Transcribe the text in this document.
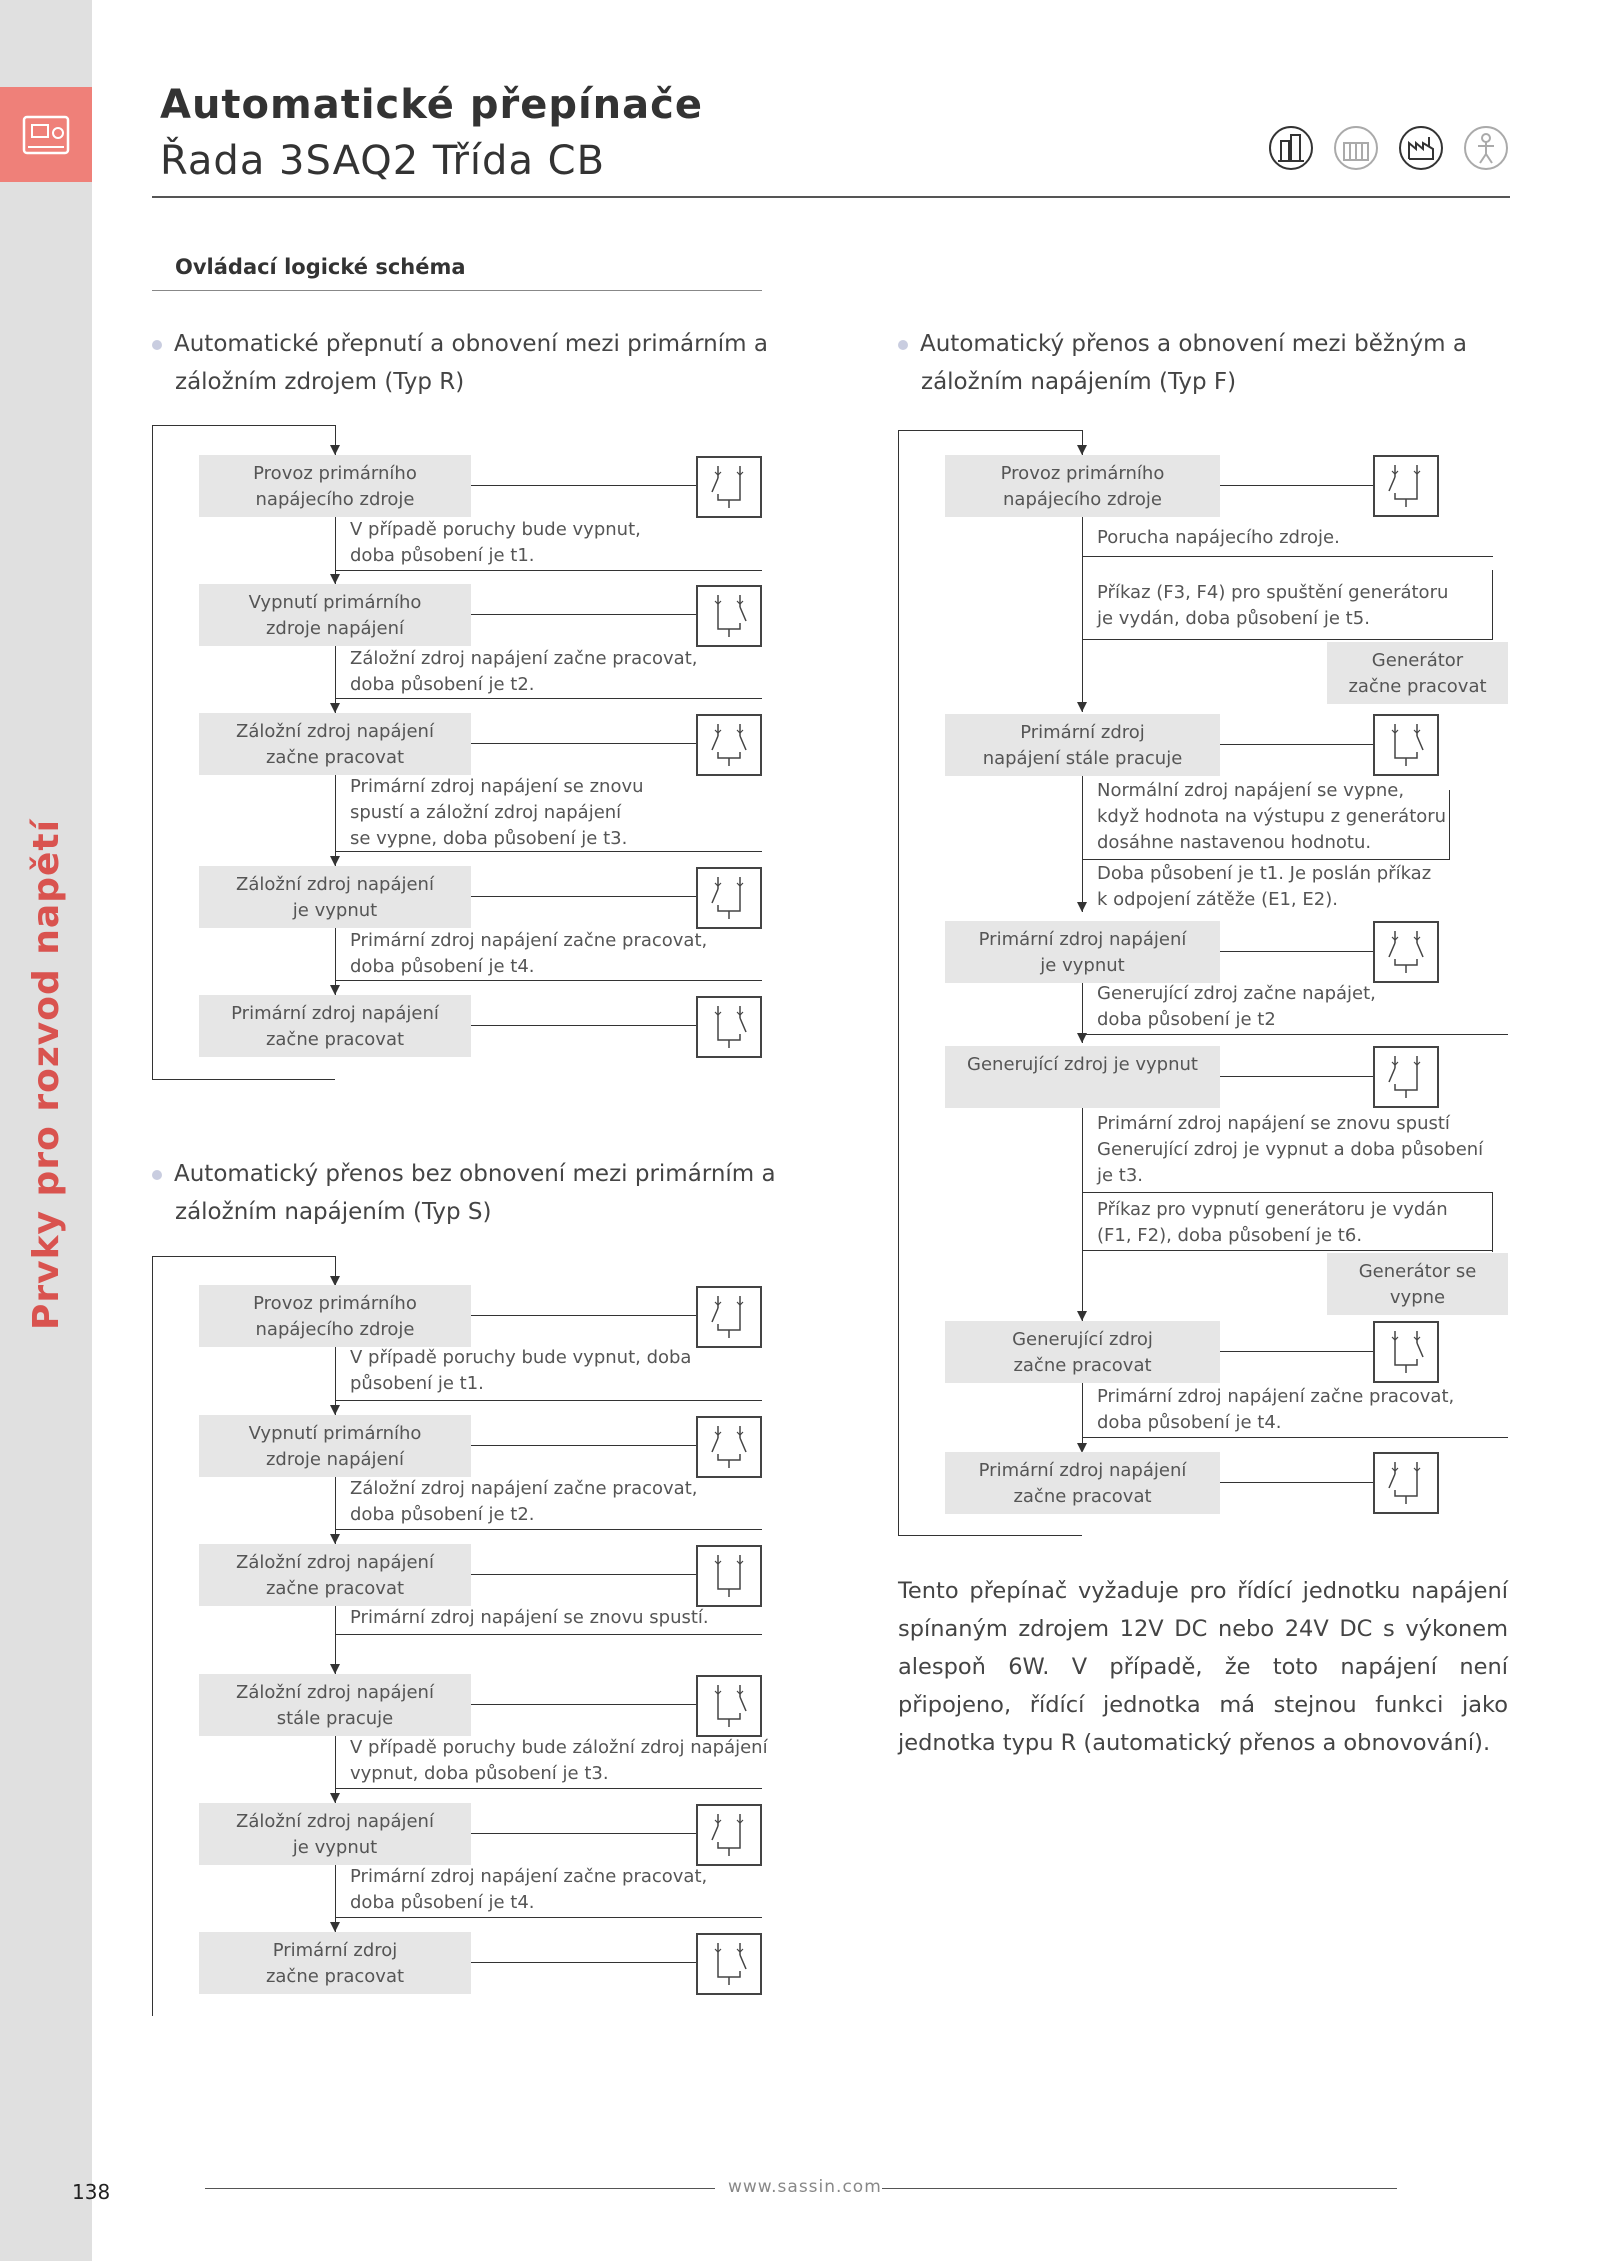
Prvky pro rozvod napětí
138
Automatické přepínače
Řada 3SAQ2 Třída CB
Ovládací logické schéma
Automatické přepnutí a obnovení mezi primárním a
záložním zdrojem (Typ R)
Automatický přenos a obnovení mezi běžným a
záložním napájením (Typ F)
Automatický přenos bez obnovení mezi primárním a
záložním napájením (Typ S)
Provoz primárního
napájecího zdroje
V případě poruchy bude vypnut,
doba působení je t1.
Vypnutí primárního
zdroje napájení
Záložní zdroj napájení začne pracovat,
doba působení je t2.
Záložní zdroj napájení
začne pracovat
Primární zdroj napájení se znovu
spustí a záložní zdroj napájení
se vypne, doba působení je t3.
Záložní zdroj napájení
je vypnut
Primární zdroj napájení začne pracovat,
doba působení je t4.
Primární zdroj napájení
začne pracovat
Provoz primárního
napájecího zdroje
V případě poruchy bude vypnut, doba
působení je t1.
Vypnutí primárního
zdroje napájení
Záložní zdroj napájení začne pracovat,
doba působení je t2.
Záložní zdroj napájení
začne pracovat
Primární zdroj napájení se znovu spustí.
Záložní zdroj napájení
stále pracuje
V případě poruchy bude záložní zdroj napájení
vypnut, doba působení je t3.
Záložní zdroj napájení
je vypnut
Primární zdroj napájení začne pracovat,
doba působení je t4.
Primární zdroj
začne pracovat
Provoz primárního
napájecího zdroje
Porucha napájecího zdroje.
Příkaz (F3, F4) pro spuštění generátoru
je vydán, doba působení je t5.
Generátor
začne pracovat
Primární zdroj
napájení stále pracuje
Normální zdroj napájení se vypne,
když hodnota na výstupu z generátoru
dosáhne nastavenou hodnotu.
Doba působení je t1. Je poslán příkaz
k odpojení zátěže (E1, E2).
Primární zdroj napájení
je vypnut
Generující zdroj začne napájet,
doba působení je t2
Generující zdroj je vypnut
Primární zdroj napájení se znovu spustí
Generující zdroj je vypnut a doba působení
je t3.
Příkaz pro vypnutí generátoru je vydán
(F1, F2), doba působení je t6.
Generátor se
vypne
Generující zdroj
začne pracovat
Primární zdroj napájení začne pracovat,
doba působení je t4.
Primární zdroj napájení
začne pracovat
Tento přepínač vyžaduje pro řídící jednotku napájení spínaným zdrojem 12V DC nebo 24V DC s výkonem alespoň 6W. V případě, že toto napájení není připojeno, řídící jednotka má stejnou funkci jako jednotka typu R (automatický přenos a obnovování).
www.sassin.com
